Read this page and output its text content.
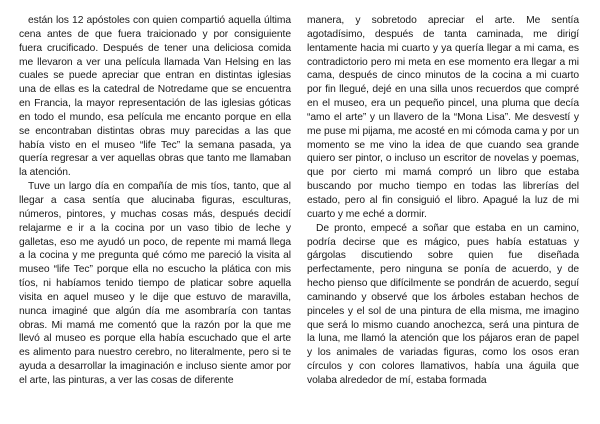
están los 12 apóstoles con quien compartió aquella última cena antes de que fuera traicionado y por consiguiente fuera crucificado. Después de tener una deliciosa comida me llevaron a ver una película llamada Van Helsing en las cuales se puede apreciar que entran en distintas iglesias una de ellas es la catedral de Notredame que se encuentra en Francia, la mayor representación de las iglesias góticas en todo el mundo, esa película me encanto porque en ella se encontraban distintas obras muy parecidas a las que había visto en el museo “life Tec” la semana pasada, ya quería regresar a ver aquellas obras que tanto me llamaban la atención.

Tuve un largo día en compañía de mis tíos, tanto, que al llegar a casa sentía que alucinaba figuras, esculturas, números, pintores, y muchas cosas más, después decidí relajarme e ir a la cocina por un vaso tibio de leche y galletas, eso me ayudó un poco, de repente mi mamá llega a la cocina y me pregunta qué cómo me pareció la visita al museo “life Tec” porque ella no escucho la plática con mis tíos, ni habíamos tenido tiempo de platicar sobre aquella visita en aquel museo y le dije que estuvo de maravilla, nunca imaginé que algún día me asombraría con tantas obras. Mi mamá me comentó que la razón por la que me llevó al museo es porque ella había escuchado que el arte es alimento para nuestro cerebro, no literalmente, pero si te ayuda a desarrollar la imaginación e incluso siente amor por el arte, las pinturas, a ver las cosas de diferente

manera, y sobretodo apreciar el arte. Me sentía agotadísimo, después de tanta caminada, me dirigí lentamente hacia mi cuarto y ya quería llegar a mi cama, es contradictorio pero mi meta en ese momento era llegar a mi cama, después de cinco minutos de la cocina a mi cuarto por fin llegué, dejé en una silla unos recuerdos que compré en el museo, era un pequeño pincel, una pluma que decía “amo el arte” y un llavero de la “Mona Lisa”. Me desvestí y me puse mi pijama, me acosté en mi cómoda cama y por un momento se me vino la idea de que cuando sea grande quiero ser pintor, o incluso un escritor de novelas y poemas, que por cierto mi mamá compró un libro que estaba buscando por mucho tiempo en todas las librerías del estado, pero al fin consiguió el libro. Apagué la luz de mi cuarto y me eché a dormir.

De pronto, empecé a soñar que estaba en un camino, podría decirse que es mágico, pues había estatuas y gárgolas discutiendo sobre quien fue diseñada perfectamente, pero ninguna se ponía de acuerdo, y de hecho pienso que difícilmente se pondrán de acuerdo, seguí caminando y observé que los árboles estaban hechos de pinceles y el sol de una pintura de ella misma, me imagino que será lo mismo cuando anochezca, será una pintura de la luna, me llamó la atención que los pájaros eran de papel y los animales de variadas figuras, como los osos eran círculos y con colores llamativos, había una águila que volaba alrededor de mí, estaba formada
